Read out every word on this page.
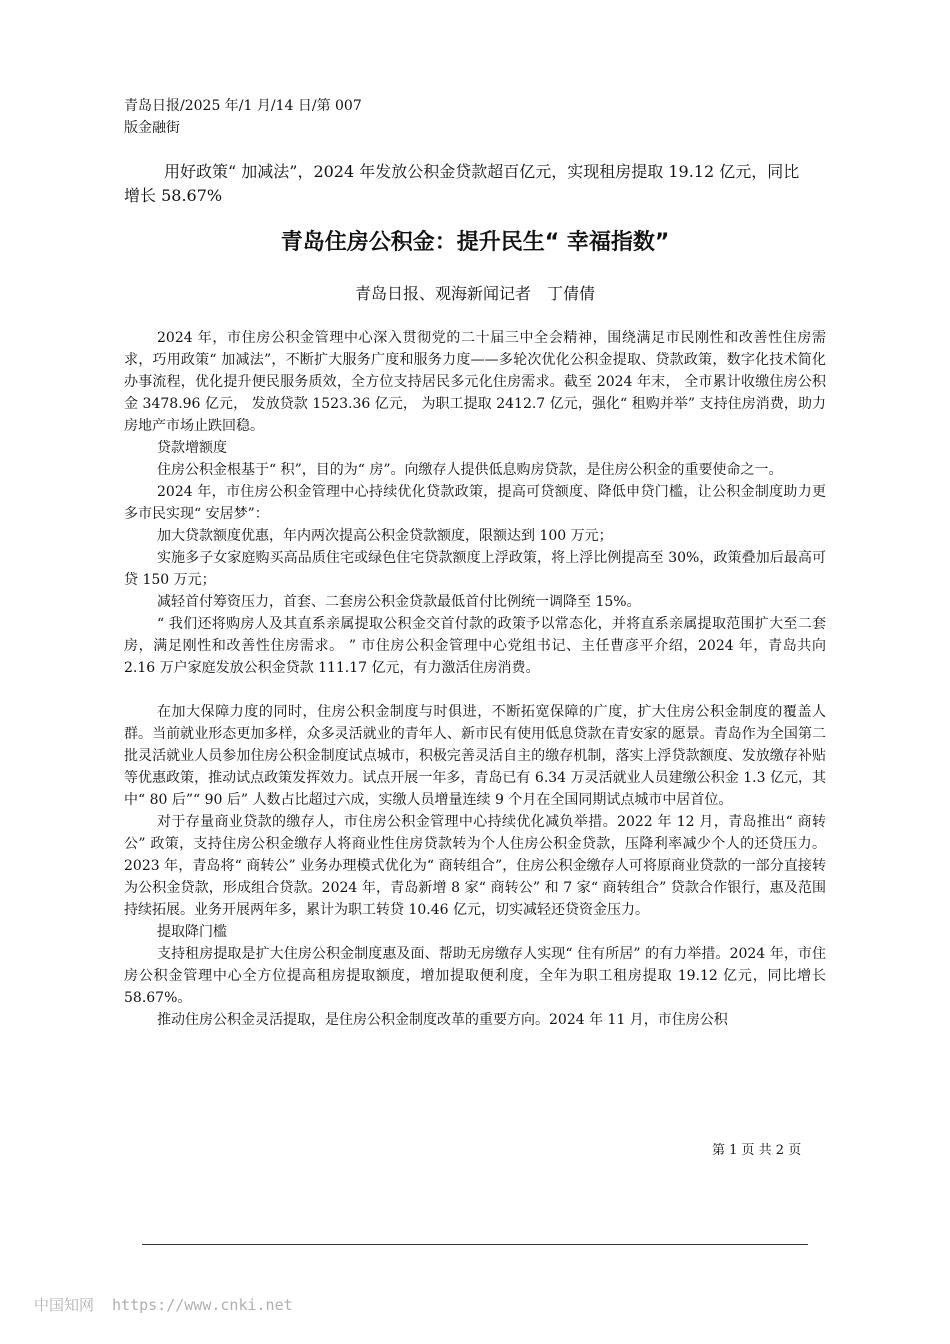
青岛日报/2025 年/1 月/14 日/第 007
版金融街
用好政策“ 加减法”，2024 年发放公积金贷款超百亿元，实现租房提取 19.12 亿元，同比增长 58.67%
青岛住房公积金：提升民生“ 幸福指数”
青岛日报、观海新闻记者　丁倩倩

2024 年，市住房公积金管理中心深入贯彻党的二十届三中全会精神，围绕满足市民刚性和改善性住房需求，巧用政策“ 加减法”，不断扩大服务广度和服务力度——多轮次优化公积金提取、贷款政策，数字化技术简化办事流程，优化提升便民服务质效，全方位支持居民多元化住房需求。截至 2024 年末， 全市累计收缴住房公积金 3478.96 亿元， 发放贷款 1523.36 亿元， 为职工提取 2412.7 亿元，强化“ 租购并举” 支持住房消费，助力房地产市场止跌回稳。

贷款增额度

住房公积金根基于“ 积”，目的为“ 房”。向缴存人提供低息购房贷款，是住房公积金的重要使命之一。

2024 年，市住房公积金管理中心持续优化贷款政策，提高可贷额度、降低申贷门槛，让公积金制度助力更多市民实现“ 安居梦”：

加大贷款额度优惠，年内两次提高公积金贷款额度，限额达到 100 万元；

实施多子女家庭购买高品质住宅或绿色住宅贷款额度上浮政策，将上浮比例提高至 30%，政策叠加后最高可贷 150 万元；

减轻首付筹资压力，首套、二套房公积金贷款最低首付比例统一调降至 15%。

“ 我们还将购房人及其直系亲属提取公积金交首付款的政策予以常态化，并将直系亲属提取范围扩大至二套房，满足刚性和改善性住房需求。 ” 市住房公积金管理中心党组书记、主任曹彦平介绍，2024 年，青岛共向 2.16 万户家庭发放公积金贷款 111.17 亿元，有力激活住房消费。

在加大保障力度的同时，住房公积金制度与时俱进，不断拓宽保障的广度，扩大住房公积金制度的覆盖人群。当前就业形态更加多样，众多灵活就业的青年人、新市民有使用低息贷款在青安家的愿景。青岛作为全国第二批灵活就业人员参加住房公积金制度试点城市，积极完善灵活自主的缴存机制，落实上浮贷款额度、发放缴存补贴等优惠政策，推动试点政策发挥效力。试点开展一年多，青岛已有 6.34 万灵活就业人员建缴公积金 1.3 亿元，其中“ 80 后”“ 90 后” 人数占比超过六成，实缴人员增量连续 9 个月在全国同期试点城市中居首位。

对于存量商业贷款的缴存人，市住房公积金管理中心持续优化减负举措。2022 年 12 月，青岛推出“ 商转公” 政策，支持住房公积金缴存人将商业性住房贷款转为个人住房公积金贷款，压降利率减少个人的还贷压力。2023 年，青岛将“ 商转公” 业务办理模式优化为“ 商转组合”，住房公积金缴存人可将原商业贷款的一部分直接转为公积金贷款，形成组合贷款。2024 年，青岛新增 8 家“ 商转公” 和 7 家“ 商转组合” 贷款合作银行，惠及范围持续拓展。业务开展两年多，累计为职工转贷 10.46 亿元，切实减轻还贷资金压力。

提取降门槛

支持租房提取是扩大住房公积金制度惠及面、帮助无房缴存人实现“ 住有所居” 的有力举措。2024 年，市住房公积金管理中心全方位提高租房提取额度，增加提取便利度，全年为职工租房提取 19.12 亿元，同比增长 58.67%。

推动住房公积金灵活提取，是住房公积金制度改革的重要方向。2024 年 11 月，市住房公积

第 1 页 共 2 页
中国知网 https://www.cnki.net
